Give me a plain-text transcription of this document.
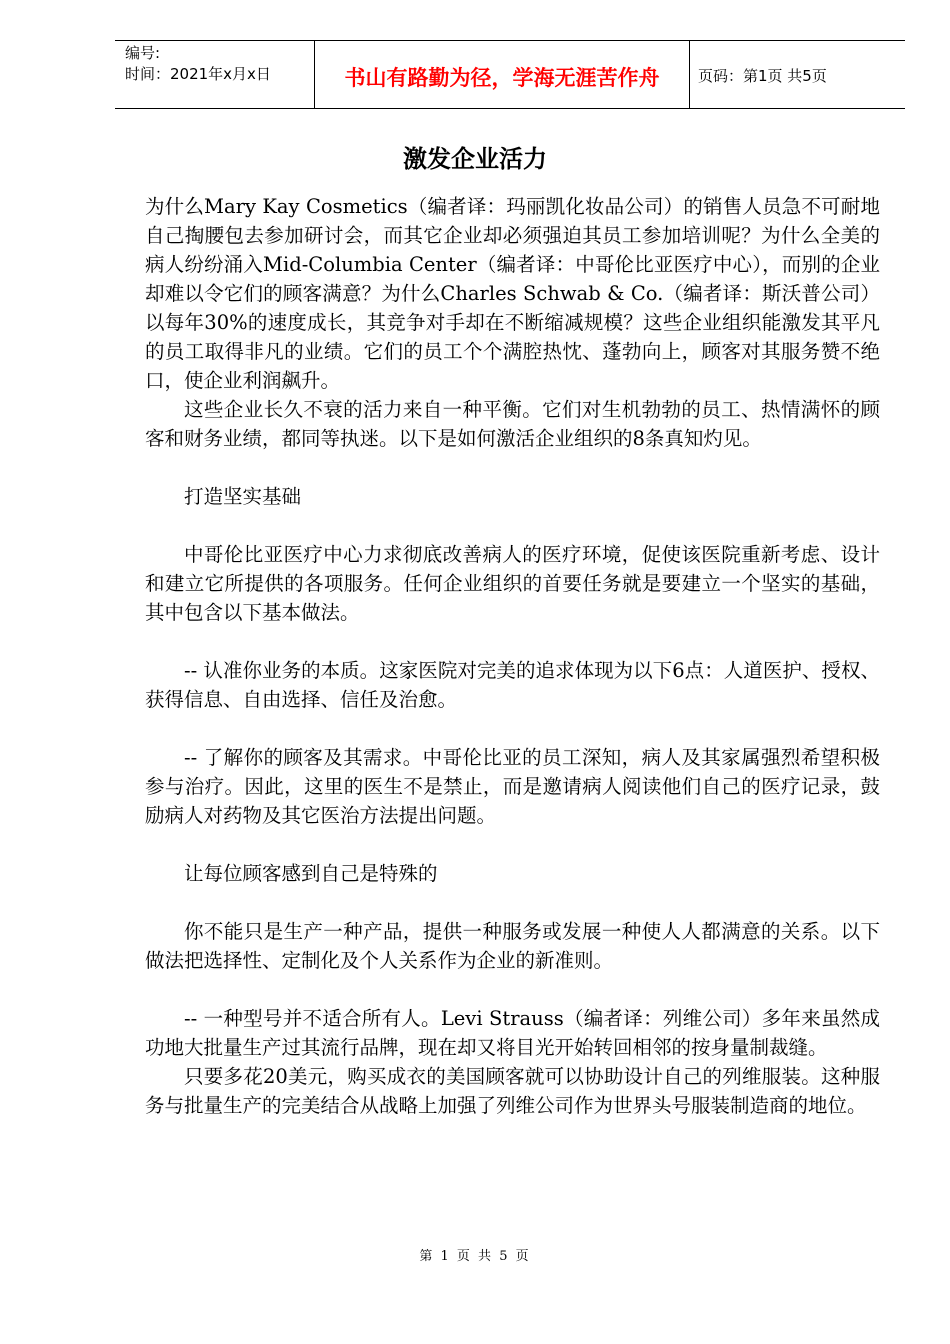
编号:
时间：2021年x月x日	书山有路勤为径，学海无涯苦作舟	页码：第1页 共5页
激发企业活力

为什么Mary Kay Cosmetics（编者译：玛丽凯化妆品公司）的销售人员急不可耐地自己掏腰包去参加研讨会，而其它企业却必须强迫其员工参加培训呢？为什么全美的病人纷纷涌入Mid-Columbia Center（编者译：中哥伦比亚医疗中心），而别的企业却难以令它们的顾客满意？为什么Charles Schwab & Co.（编者译：斯沃普公司）以每年30%的速度成长，其竞争对手却在不断缩减规模？这些企业组织能激发其平凡的员工取得非凡的业绩。它们的员工个个满腔热忱、蓬勃向上，顾客对其服务赞不绝口，使企业利润飙升。

这些企业长久不衰的活力来自一种平衡。它们对生机勃勃的员工、热情满怀的顾客和财务业绩，都同等执迷。以下是如何激活企业组织的8条真知灼见。

打造坚实基础

中哥伦比亚医疗中心力求彻底改善病人的医疗环境，促使该医院重新考虑、设计和建立它所提供的各项服务。任何企业组织的首要任务就是要建立一个坚实的基础，其中包含以下基本做法。

-- 认准你业务的本质。这家医院对完美的追求体现为以下6点：人道医护、授权、获得信息、自由选择、信任及治愈。

-- 了解你的顾客及其需求。中哥伦比亚的员工深知，病人及其家属强烈希望积极参与治疗。因此，这里的医生不是禁止，而是邀请病人阅读他们自己的医疗记录，鼓励病人对药物及其它医治方法提出问题。

让每位顾客感到自己是特殊的

你不能只是生产一种产品，提供一种服务或发展一种使人人都满意的关系。以下做法把选择性、定制化及个人关系作为企业的新准则。

-- 一种型号并不适合所有人。Levi Strauss（编者译：列维公司）多年来虽然成功地大批量生产过其流行品牌，现在却又将目光开始转回相邻的按身量制裁缝。

只要多花20美元，购买成衣的美国顾客就可以协助设计自己的列维服装。这种服务与批量生产的完美结合从战略上加强了列维公司作为世界头号服装制造商的地位。

第 1 页 共 5 页
